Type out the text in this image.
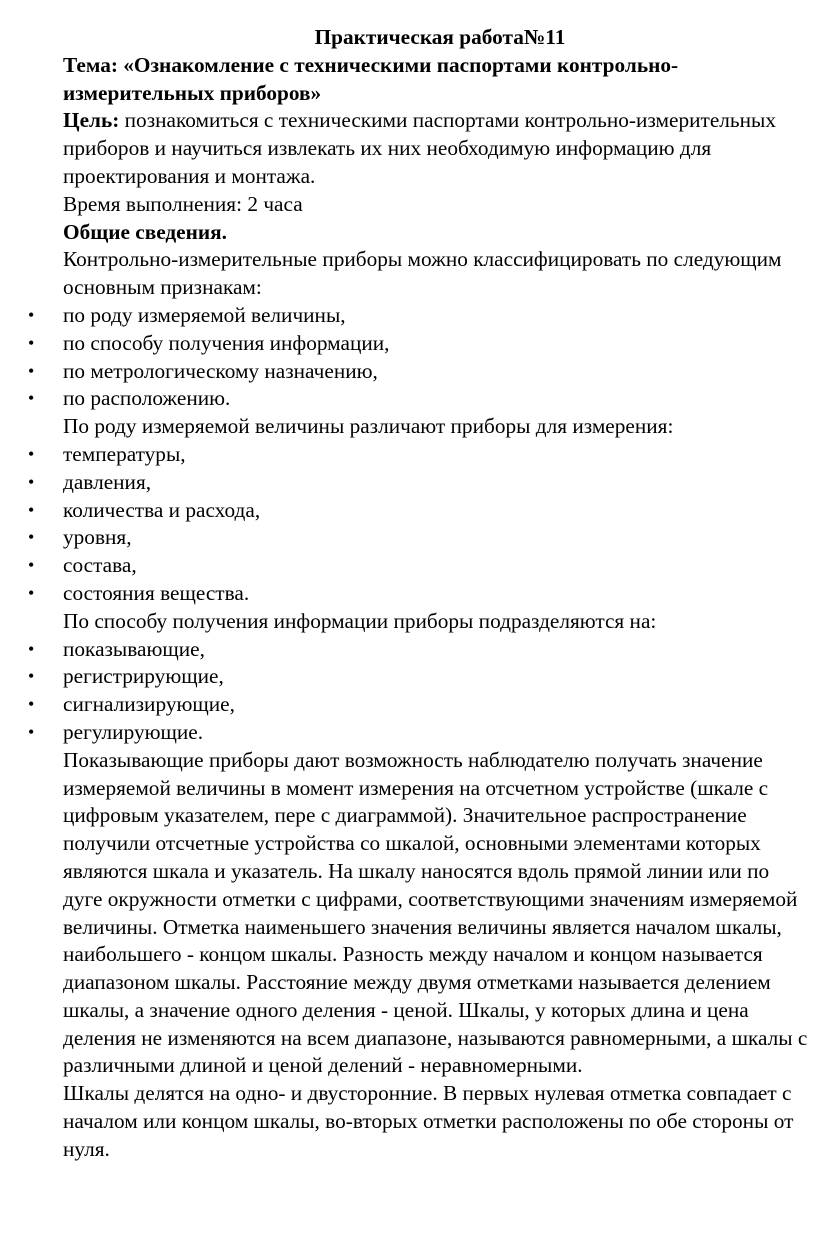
Практическая работа№11

Тема: «Ознакомление с техническими паспортами контрольно-измерительных приборов»

Цель: познакомиться с техническими паспортами контрольно-измерительных приборов и научиться извлекать их них необходимую информацию для проектирования и монтажа.

Время выполнения: 2 часа

Общие сведения.

Контрольно-измерительные приборы можно классифицировать по следующим основным признакам:

• по роду измеряемой величины,
• по способу получения информации,
• по метрологическому назначению,
• по расположению.

По роду измеряемой величины различают приборы для измерения:

• температуры,
• давления,
• количества и расхода,
• уровня,
• состава,
• состояния вещества.

По способу получения информации приборы подразделяются на:

• показывающие,
• регистрирующие,
• сигнализирующие,
• регулирующие.

Показывающие приборы дают возможность наблюдателю получать значение измеряемой величины в момент измерения на отсчетном устройстве (шкале с цифровым указателем, пере с диаграммой). Значительное распространение получили отсчетные устройства со шкалой, основными элементами которых являются шкала и указатель. На шкалу наносятся вдоль прямой линии или по дуге окружности отметки с цифрами, соответствующими значениям измеряемой величины. Отметка наименьшего значения величины является началом шкалы, наибольшего - концом шкалы. Разность между началом и концом называется диапазоном шкалы. Расстояние между двумя отметками называется делением шкалы, а значение одного деления - ценой. Шкалы, у которых длина и цена деления не изменяются на всем диапазоне, называются равномерными, а шкалы с различными длиной и ценой делений - неравномерными.

Шкалы делятся на одно- и двусторонние. В первых нулевая отметка совпадает с началом или концом шкалы, во-вторых отметки расположены по обе стороны от нуля.
